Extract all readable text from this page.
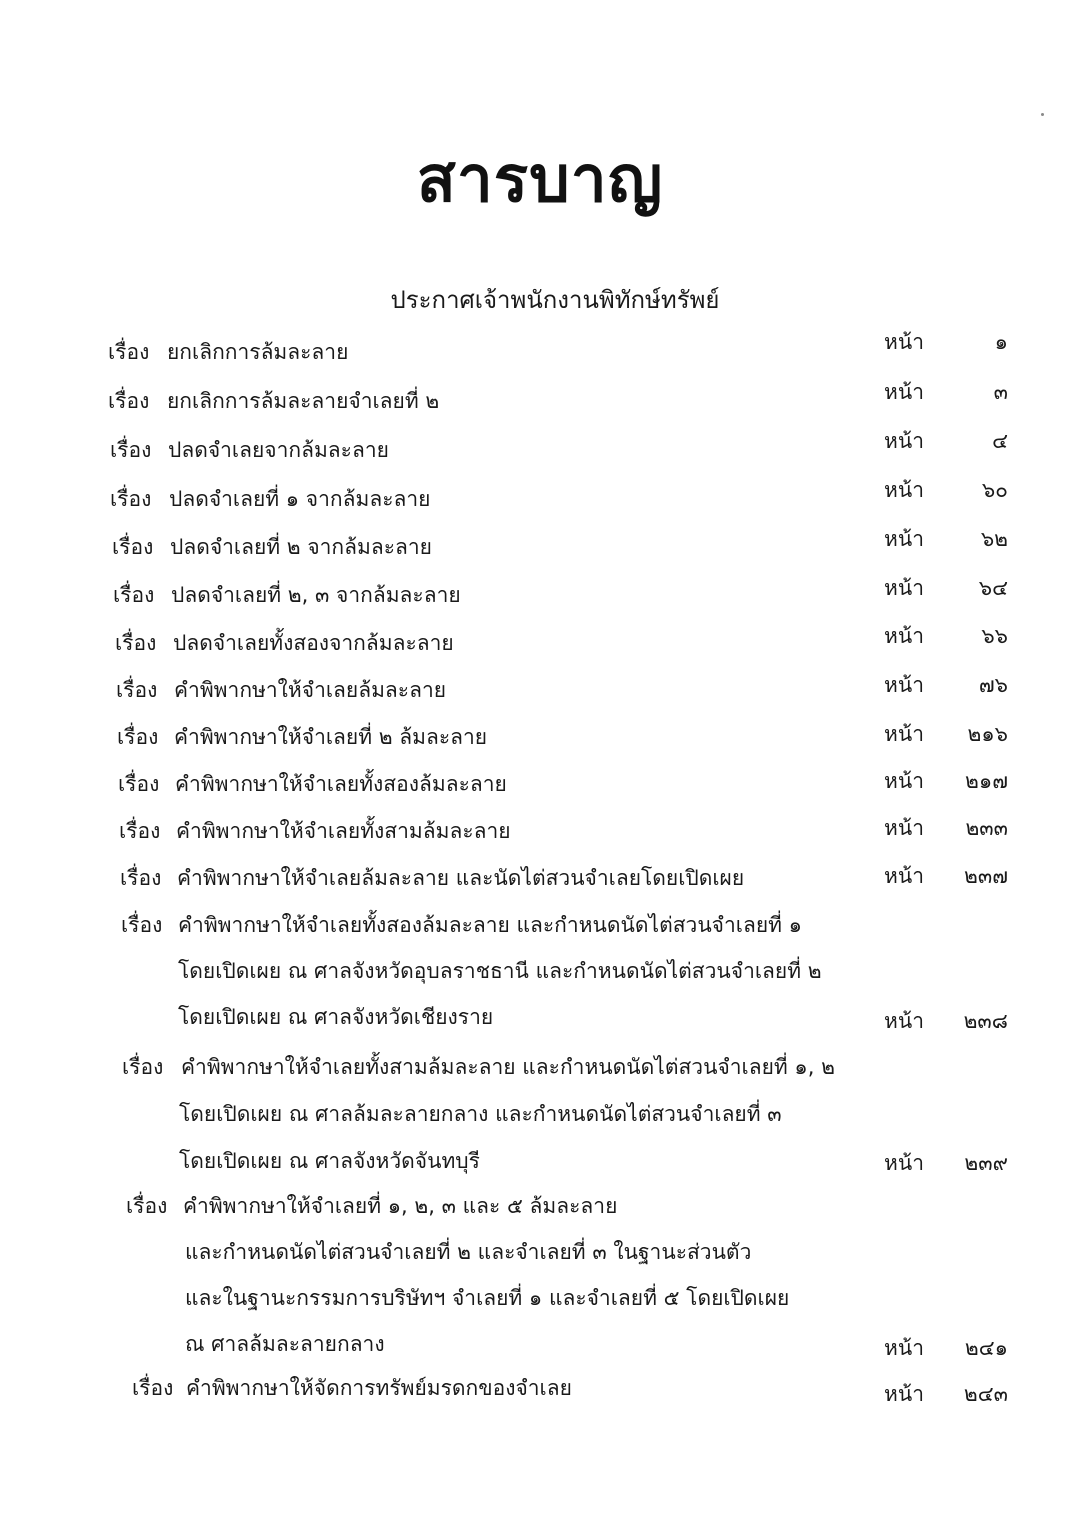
สารบาญ
ประกาศเจ้าพนักงานพิทักษ์ทรัพย์
เรื่อง ยกเลิกการล้มละลาย	หน้า	๑
เรื่อง ยกเลิกการล้มละลายจำเลยที่ ๒	หน้า	๓
เรื่อง ปลดจำเลยจากล้มละลาย	หน้า	๔
เรื่อง ปลดจำเลยที่ ๑ จากล้มละลาย	หน้า	๖๐
เรื่อง ปลดจำเลยที่ ๒ จากล้มละลาย	หน้า	๖๒
เรื่อง ปลดจำเลยที่ ๒, ๓ จากล้มละลาย	หน้า	๖๔
เรื่อง ปลดจำเลยทั้งสองจากล้มละลาย	หน้า	๖๖
เรื่อง คำพิพากษาให้จำเลยล้มละลาย	หน้า	๗๖
เรื่อง คำพิพากษาให้จำเลยที่ ๒ ล้มละลาย	หน้า ๒๑๖
เรื่อง คำพิพากษาให้จำเลยทั้งสองล้มละลาย	หน้า ๒๑๗
เรื่อง คำพิพากษาให้จำเลยทั้งสามล้มละลาย	หน้า ๒๓๓
เรื่อง คำพิพากษาให้จำเลยล้มละลาย และนัดไต่สวนจำเลยโดยเปิดเผย	หน้า ๒๓๗
เรื่อง คำพิพากษาให้จำเลยทั้งสองล้มละลาย และกำหนดนัดไต่สวนจำเลยที่ ๑
โดยเปิดเผย ณ ศาลจังหวัดอุบลราชธานี และกำหนดนัดไต่สวนจำเลยที่ ๒
โดยเปิดเผย ณ ศาลจังหวัดเชียงราย	หน้า ๒๓๘
เรื่อง คำพิพากษาให้จำเลยทั้งสามล้มละลาย และกำหนดนัดไต่สวนจำเลยที่ ๑, ๒
โดยเปิดเผย ณ ศาลล้มละลายกลาง และกำหนดนัดไต่สวนจำเลยที่ ๓
โดยเปิดเผย ณ ศาลจังหวัดจันทบุรี	หน้า ๒๓๙
เรื่อง คำพิพากษาให้จำเลยที่ ๑, ๒, ๓ และ ๕ ล้มละลาย
และกำหนดนัดไต่สวนจำเลยที่ ๒ และจำเลยที่ ๓ ในฐานะส่วนตัว
และในฐานะกรรมการบริษัทฯ จำเลยที่ ๑ และจำเลยที่ ๕ โดยเปิดเผย
ณ ศาลล้มละลายกลาง	หน้า ๒๔๑
เรื่อง คำพิพากษาให้จัดการทรัพย์มรดกของจำเลย	หน้า ๒๔๓
